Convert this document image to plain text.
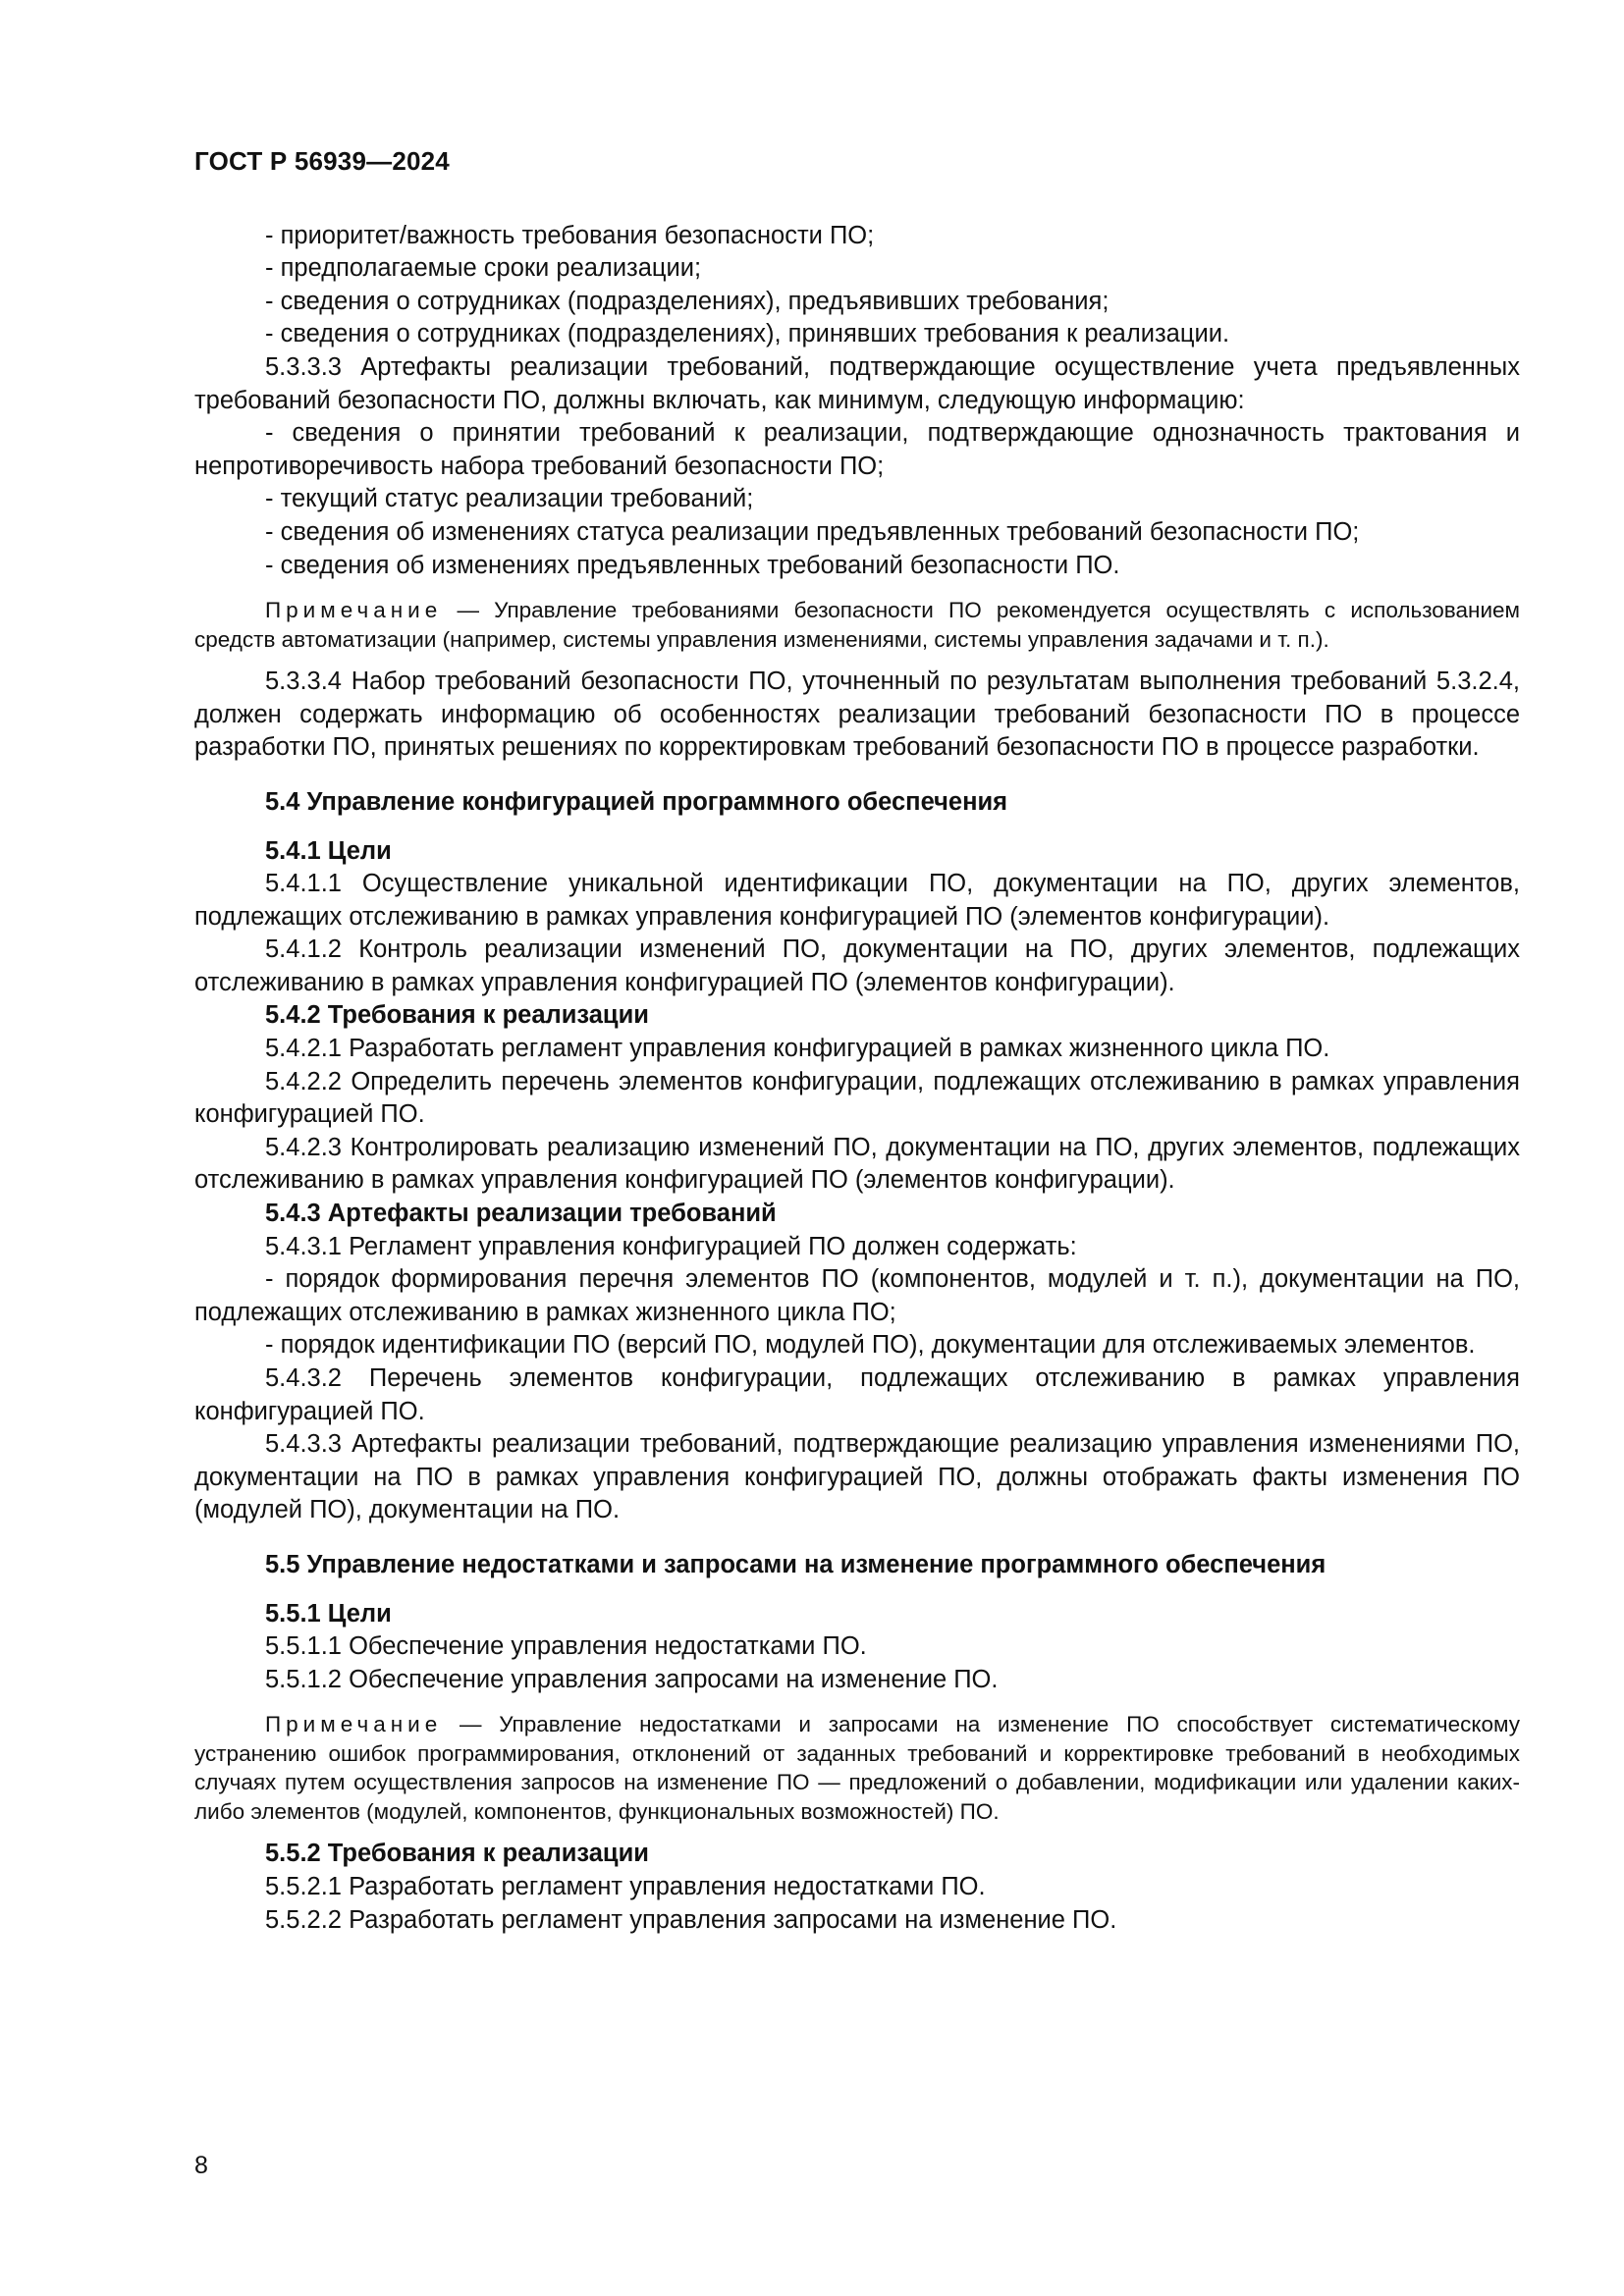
ГОСТ Р 56939—2024

- приоритет/важность требования безопасности ПО;

- предполагаемые сроки реализации;

- сведения о сотрудниках (подразделениях), предъявивших требования;

- сведения о сотрудниках (подразделениях), принявших требования к реализации.

5.3.3.3 Артефакты реализации требований, подтверждающие осуществление учета предъявленных требований безопасности ПО, должны включать, как минимум, следующую информацию:

- сведения о принятии требований к реализации, подтверждающие однозначность трактования и непротиворечивость набора требований безопасности ПО;

- текущий статус реализации требований;

- сведения об изменениях статуса реализации предъявленных требований безопасности ПО;

- сведения об изменениях предъявленных требований безопасности ПО.

Примечание — Управление требованиями безопасности ПО рекомендуется осуществлять с использованием средств автоматизации (например, системы управления изменениями, системы управления задачами и т. п.).

5.3.3.4 Набор требований безопасности ПО, уточненный по результатам выполнения требований 5.3.2.4, должен содержать информацию об особенностях реализации требований безопасности ПО в процессе разработки ПО, принятых решениях по корректировкам требований безопасности ПО в процессе разработки.

5.4 Управление конфигурацией программного обеспечения

5.4.1 Цели

5.4.1.1 Осуществление уникальной идентификации ПО, документации на ПО, других элементов, подлежащих отслеживанию в рамках управления конфигурацией ПО (элементов конфигурации).

5.4.1.2 Контроль реализации изменений ПО, документации на ПО, других элементов, подлежащих отслеживанию в рамках управления конфигурацией ПО (элементов конфигурации).

5.4.2 Требования к реализации

5.4.2.1 Разработать регламент управления конфигурацией в рамках жизненного цикла ПО.

5.4.2.2 Определить перечень элементов конфигурации, подлежащих отслеживанию в рамках управления конфигурацией ПО.

5.4.2.3 Контролировать реализацию изменений ПО, документации на ПО, других элементов, подлежащих отслеживанию в рамках управления конфигурацией ПО (элементов конфигурации).

5.4.3 Артефакты реализации требований

5.4.3.1 Регламент управления конфигурацией ПО должен содержать:

- порядок формирования перечня элементов ПО (компонентов, модулей и т. п.), документации на ПО, подлежащих отслеживанию в рамках жизненного цикла ПО;

- порядок идентификации ПО (версий ПО, модулей ПО), документации для отслеживаемых элементов.

5.4.3.2 Перечень элементов конфигурации, подлежащих отслеживанию в рамках управления конфигурацией ПО.

5.4.3.3 Артефакты реализации требований, подтверждающие реализацию управления изменениями ПО, документации на ПО в рамках управления конфигурацией ПО, должны отображать факты изменения ПО (модулей ПО), документации на ПО.

5.5 Управление недостатками и запросами на изменение программного обеспечения

5.5.1 Цели

5.5.1.1 Обеспечение управления недостатками ПО.

5.5.1.2 Обеспечение управления запросами на изменение ПО.

Примечание — Управление недостатками и запросами на изменение ПО способствует систематическому устранению ошибок программирования, отклонений от заданных требований и корректировке требований в необходимых случаях путем осуществления запросов на изменение ПО — предложений о добавлении, модификации или удалении каких-либо элементов (модулей, компонентов, функциональных возможностей) ПО.

5.5.2 Требования к реализации

5.5.2.1 Разработать регламент управления недостатками ПО.

5.5.2.2 Разработать регламент управления запросами на изменение ПО.

8
